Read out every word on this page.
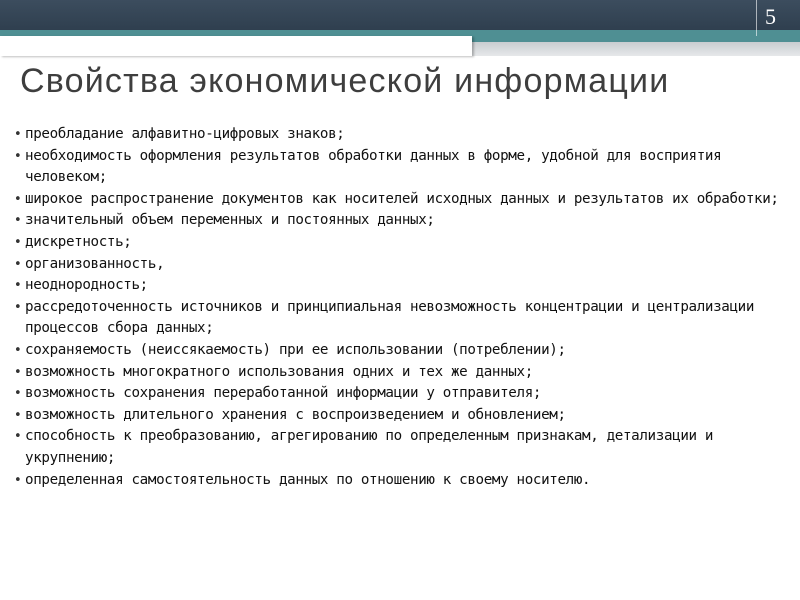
5
Свойства экономической информации
• преобладание алфавитно-цифровых знаков;
• необходимость оформления результатов обработки данных в форме, удобной для восприятия человеком;
• широкое распространение документов как носителей исходных данных и результатов их обработки;
• значительный объем переменных и постоянных данных;
• дискретность;
• организованность,
• неоднородность;
• рассредоточенность источников и принципиальная невозможность концентрации и централизации процессов сбора данных;
• сохраняемость (неиссякаемость) при ее использовании (потреблении);
• возможность многократного использования одних и тех же данных;
• возможность сохранения переработанной информации у отправителя;
• возможность длительного хранения с воспроизведением и обновлением;
• способность к преобразованию, агрегированию по определенным признакам, детализации и укрупнению;
• определенная самостоятельность данных по отношению к своему носителю.
